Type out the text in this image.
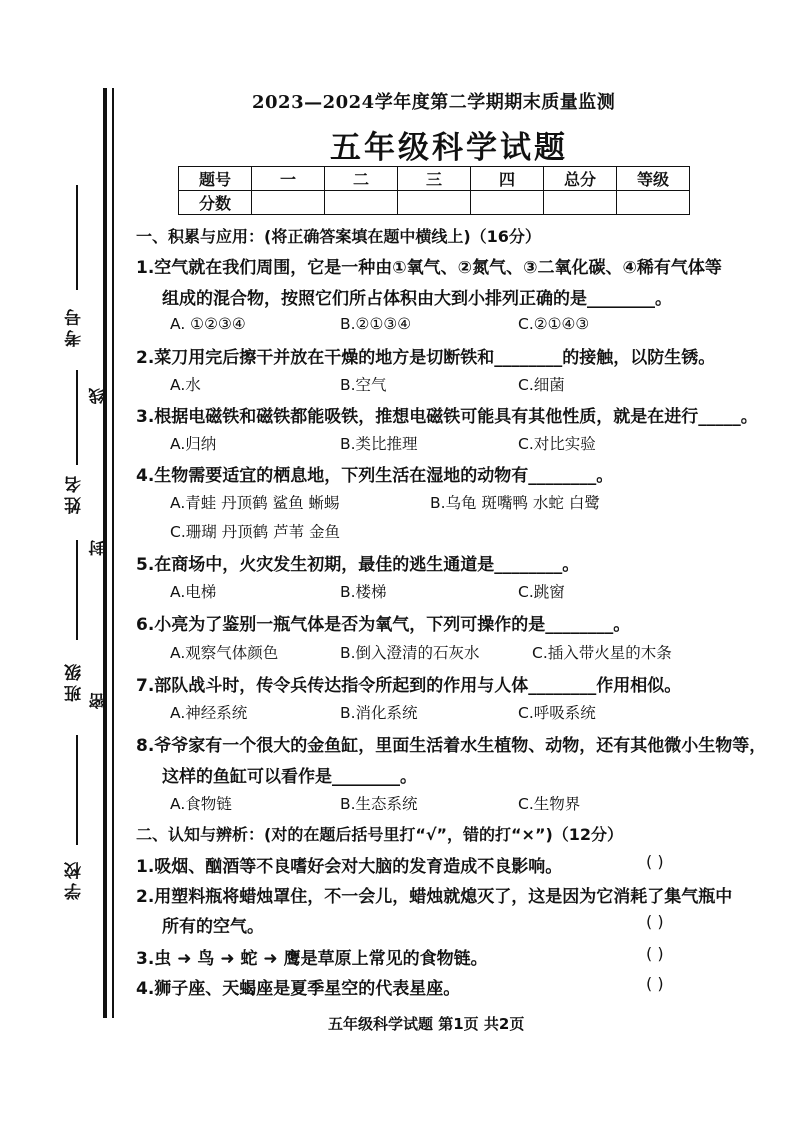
考号
姓名
班级
学校
线
封
密
2023—2024学年度第二学期期末质量监测
五年级科学试题
题号	一	二	三	四	总分	等级
分数						
一、积累与应用：(将正确答案填在题中横线上)（16分）
1.空气就在我们周围，它是一种由①氧气、②氮气、③二氧化碳、④稀有气体等
组成的混合物，按照它们所占体积由大到小排列正确的是________。
A. ①②③④	B.②①③④	C.②①④③
2.菜刀用完后擦干并放在干燥的地方是切断铁和________的接触，以防生锈。
A.水	B.空气	C.细菌
3.根据电磁铁和磁铁都能吸铁，推想电磁铁可能具有其他性质，就是在进行_____。
A.归纳	B.类比推理	C.对比实验
4.生物需要适宜的栖息地，下列生活在湿地的动物有________。
A.青蛙 丹顶鹤 鲨鱼 蜥蜴	B.乌龟 斑嘴鸭 水蛇 白鹭
C.珊瑚 丹顶鹤 芦苇 金鱼
5.在商场中，火灾发生初期，最佳的逃生通道是________。
A.电梯	B.楼梯	C.跳窗
6.小亮为了鉴别一瓶气体是否为氧气，下列可操作的是________。
A.观察气体颜色	B.倒入澄清的石灰水	C.插入带火星的木条
7.部队战斗时，传令兵传达指令所起到的作用与人体________作用相似。
A.神经系统	B.消化系统	C.呼吸系统
8.爷爷家有一个很大的金鱼缸，里面生活着水生植物、动物，还有其他微小生物等，
这样的鱼缸可以看作是________。
A.食物链	B.生态系统	C.生物界
二、认知与辨析：(对的在题后括号里打“√”，错的打“×”)（12分）
1.吸烟、酗酒等不良嗜好会对大脑的发育造成不良影响。	( )
2.用塑料瓶将蜡烛罩住，不一会儿，蜡烛就熄灭了，这是因为它消耗了集气瓶中
所有的空气。	( )
3.虫 ➜ 鸟 ➜ 蛇 ➜ 鹰是草原上常见的食物链。	( )
4.狮子座、天蝎座是夏季星空的代表星座。	( )
五年级科学试题 第1页 共2页
